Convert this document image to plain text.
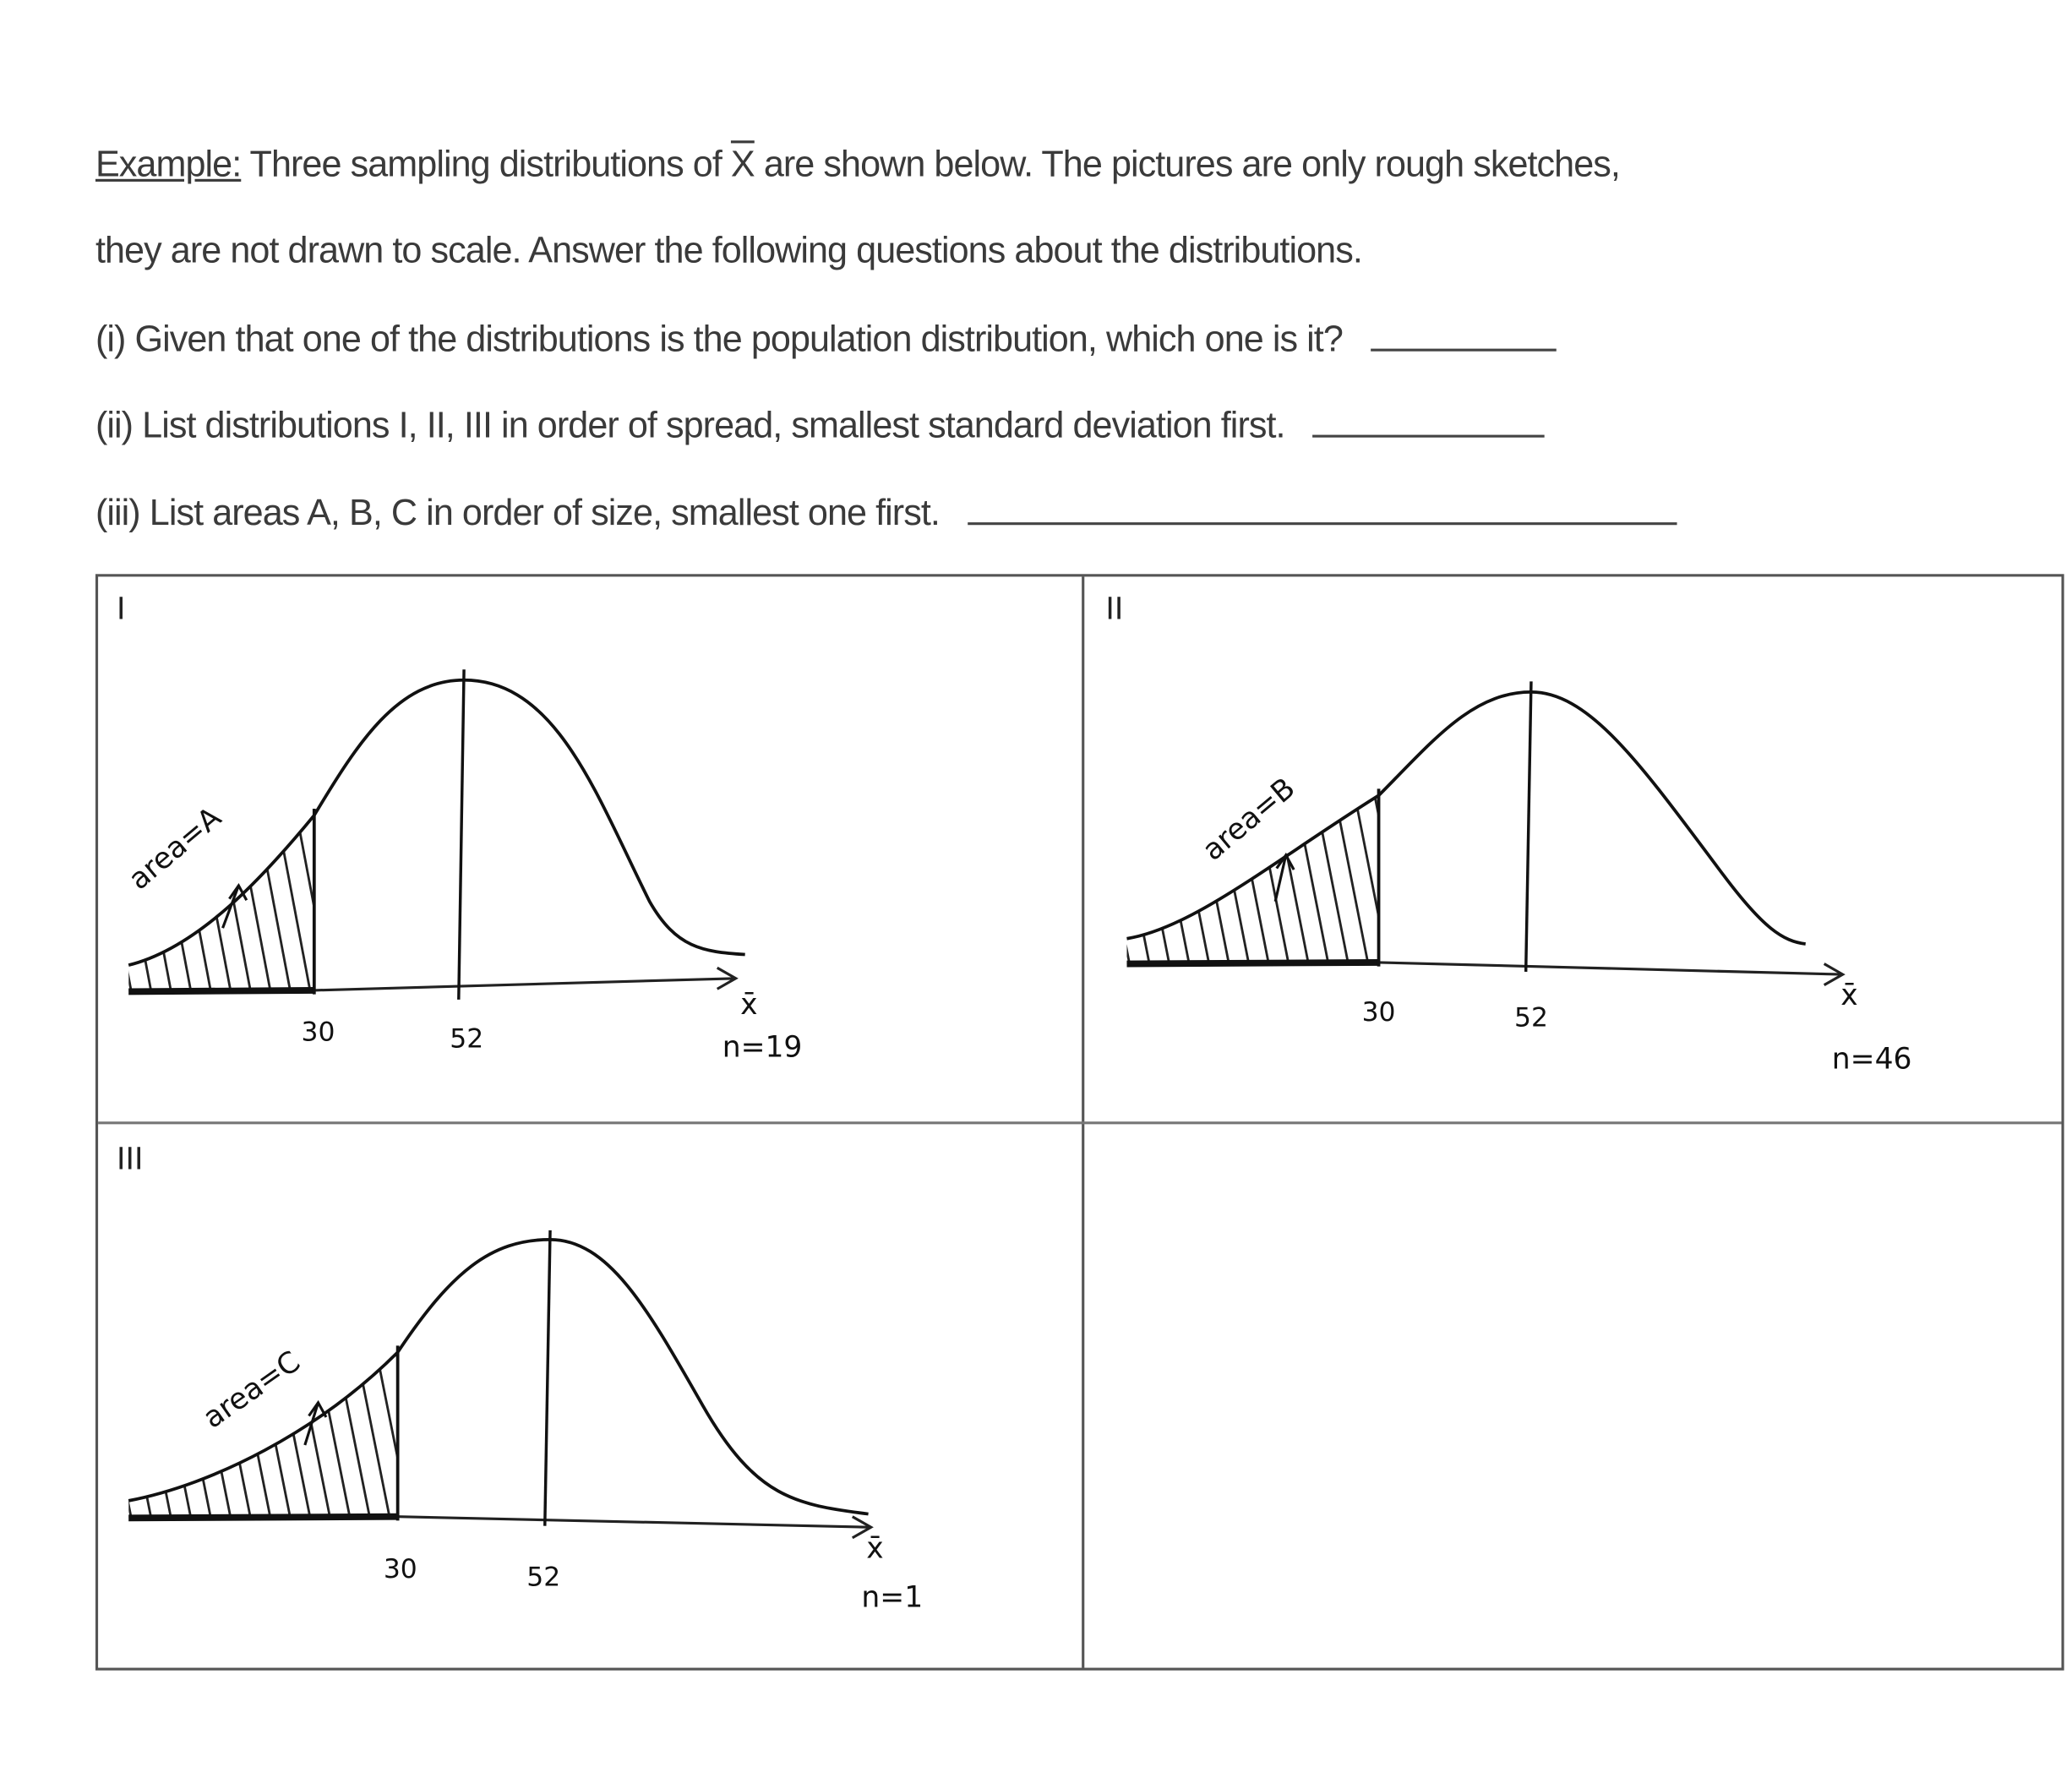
Example: Three sampling distributions of $\overline{X}$ are shown below. The pictures are only rough sketches,
they are not drawn to scale. Answer the following questions about the distributions.
(i) Given that one of the distributions is the population distribution, which one is it?
(ii) List distributions I, II, III in order of spread, smallest standard deviation first.
(iii) List areas A, B, C in order of size, smallest one first.
I	II
III
30	52
x̄
n=19
area=A
30	52
x̄
n=46
area=B
30	52
x̄
n=1
area=C
